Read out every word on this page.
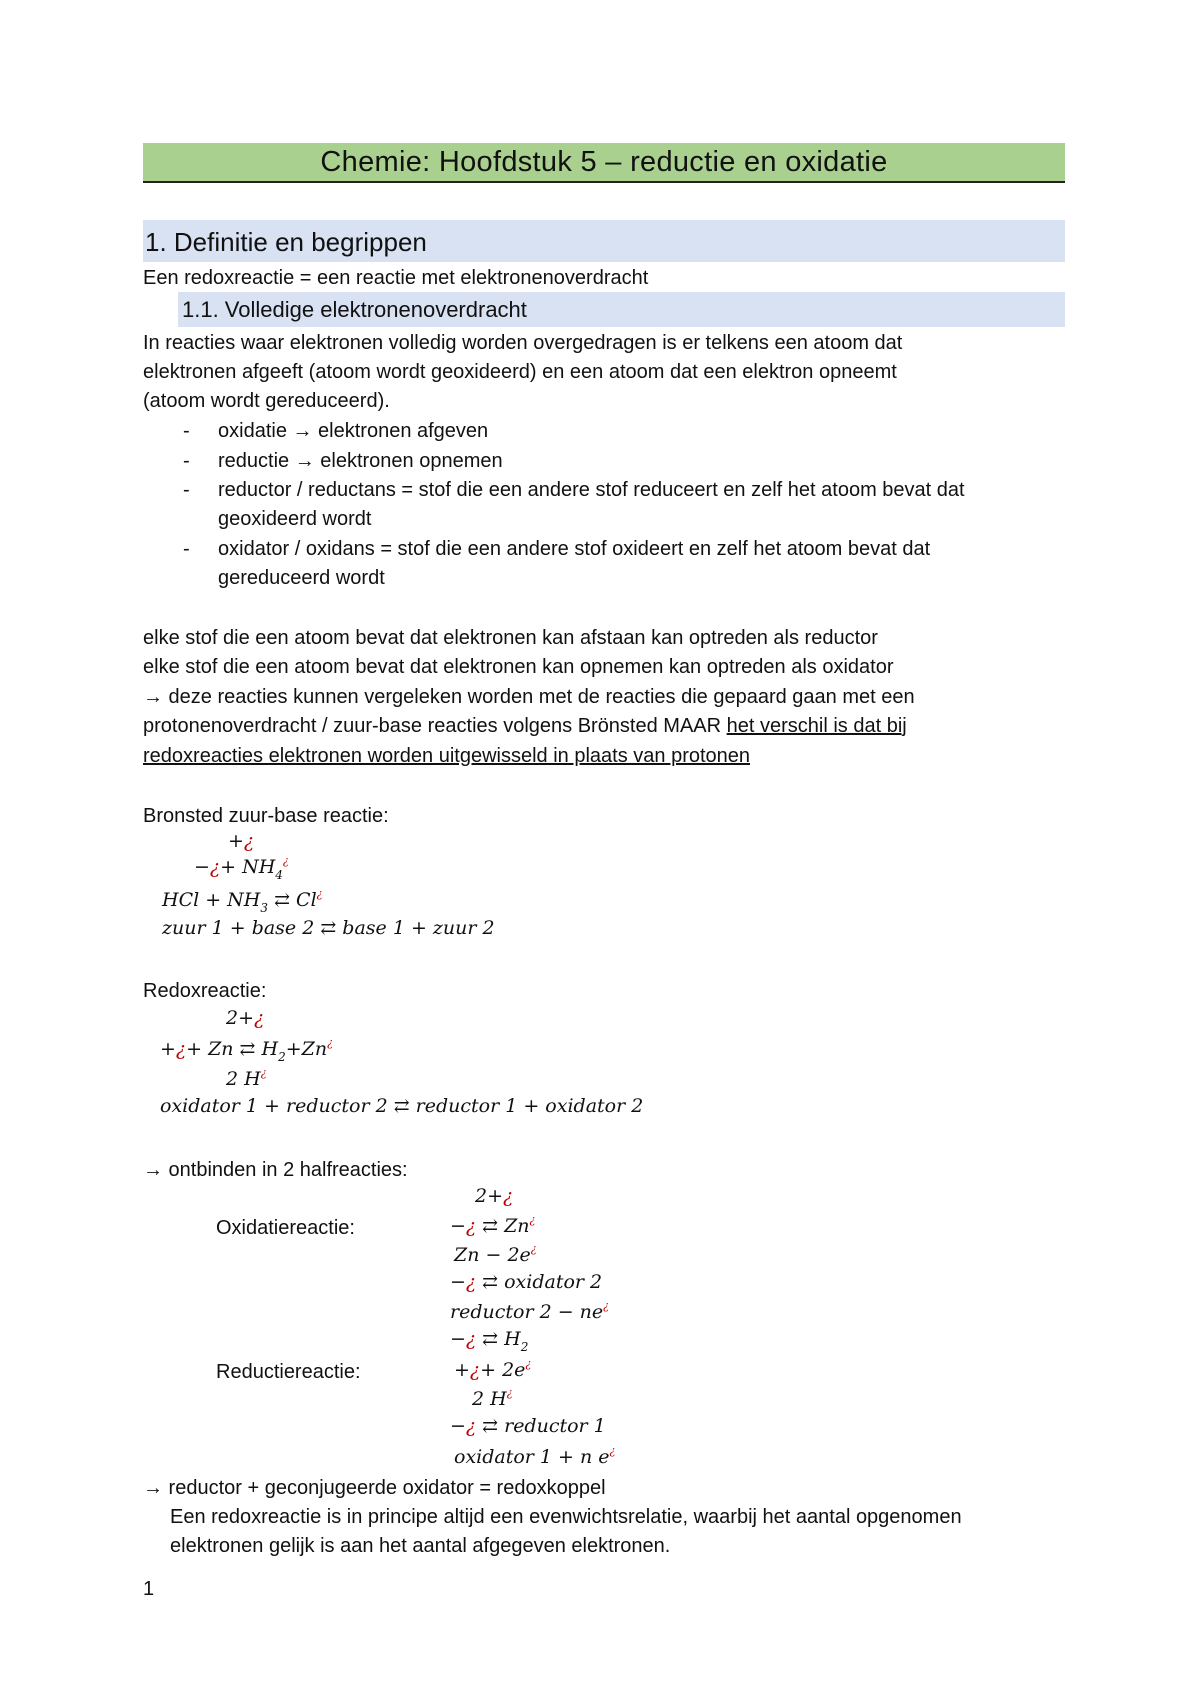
Chemie: Hoofdstuk 5 – reductie en oxidatie
1. Definitie en begrippen
Een redoxreactie = een reactie met elektronenoverdracht
1.1. Volledige elektronenoverdracht
In reacties waar elektronen volledig worden overgedragen is er telkens een atoom dat
elektronen afgeeft (atoom wordt geoxideerd) en een atoom dat een elektron opneemt
(atoom wordt gereduceerd).
- oxidatie → elektronen afgeven
- reductie → elektronen opnemen
- reductor / reductans = stof die een andere stof reduceert en zelf het atoom bevat dat
geoxideerd wordt
- oxidator / oxidans = stof die een andere stof oxideert en zelf het atoom bevat dat
gereduceerd wordt
elke stof die een atoom bevat dat elektronen kan afstaan kan optreden als reductor
elke stof die een atoom bevat dat elektronen kan opnemen kan optreden als oxidator
→ deze reacties kunnen vergeleken worden met de reacties die gepaard gaan met een
protonenoverdracht / zuur-base reacties volgens Brönsted MAAR het verschil is dat bij
redoxreacties elektronen worden uitgewisseld in plaats van protonen
Bronsted zuur-base reactie:
+¿
−¿+ $NH_4^¿$
HCl + $NH_3$ ⇄ Cl¿
zuur 1 + base 2 ⇄ base 1 + zuur 2
Redoxreactie:
2+¿
+¿+ Zn ⇄ $H_2+Zn^¿$
2 H¿
oxidator 1 + reductor 2 ⇄ reductor 1 + oxidator 2
→ ontbinden in 2 halfreacties:
Oxidatiereactie:
Reductiereactie:
2+¿
−¿ ⇄ Zn¿
Zn − 2e¿
−¿ ⇄ oxidator 2
reductor 2 − ne¿
−¿ ⇄ $H_2$
+¿+ 2e¿
2 H¿
−¿ ⇄ reductor 1
oxidator 1 + n e¿
→ reductor + geconjugeerde oxidator = redoxkoppel
Een redoxreactie is in principe altijd een evenwichtsrelatie, waarbij het aantal opgenomen
elektronen gelijk is aan het aantal afgegeven elektronen.
1
